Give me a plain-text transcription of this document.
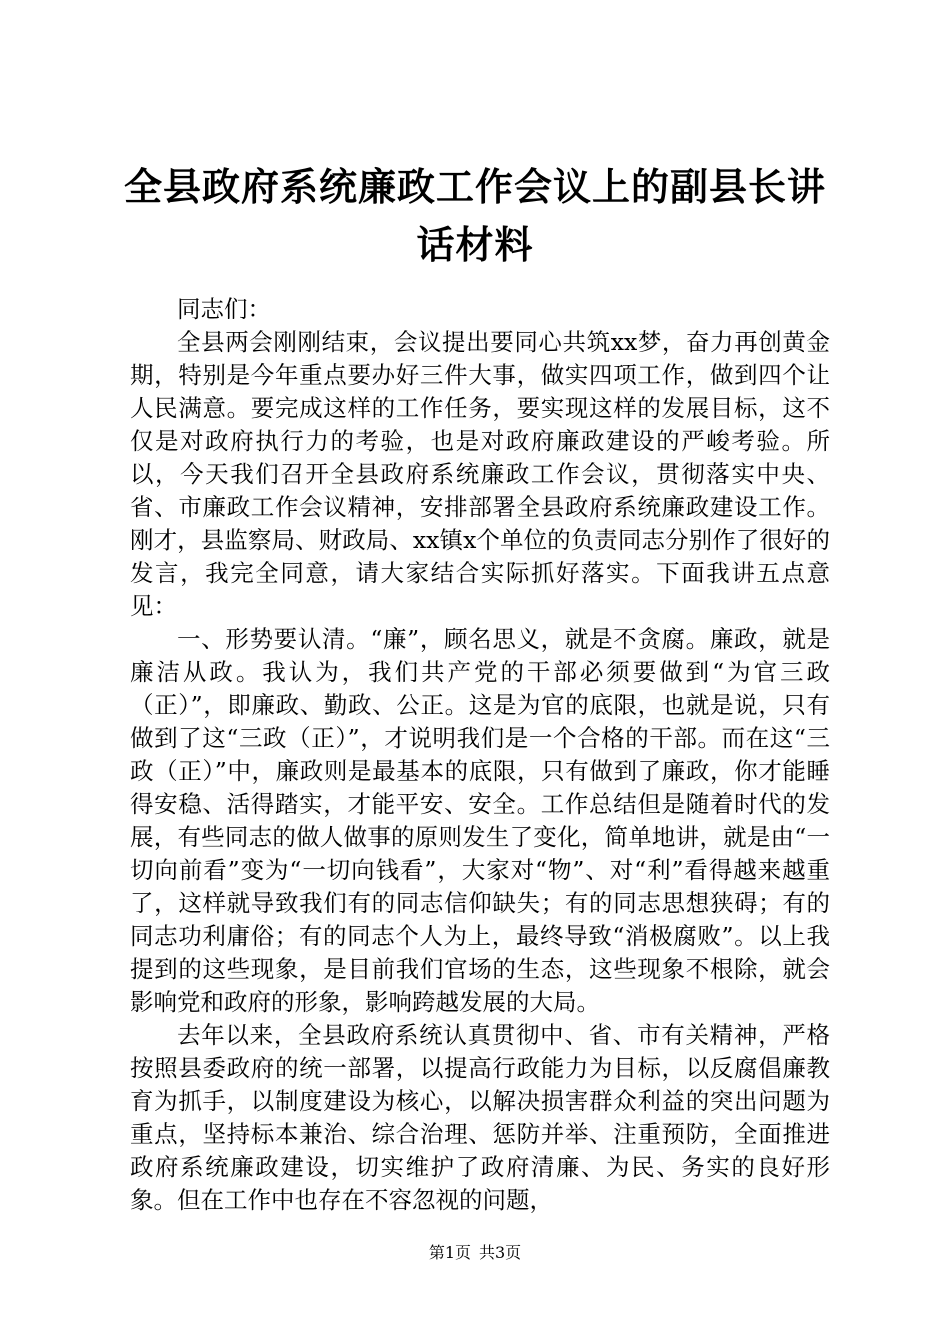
全县政府系统廉政工作会议上的副县长讲话材料

同志们：

全县两会刚刚结束，会议提出要同心共筑xx梦，奋力再创黄金期，特别是今年重点要办好三件大事，做实四项工作，做到四个让人民满意。要完成这样的工作任务，要实现这样的发展目标，这不仅是对政府执行力的考验，也是对政府廉政建设的严峻考验。所以，今天我们召开全县政府系统廉政工作会议，贯彻落实中央、省、市廉政工作会议精神，安排部署全县政府系统廉政建设工作。刚才，县监察局、财政局、xx镇x个单位的负责同志分别作了很好的发言，我完全同意，请大家结合实际抓好落实。下面我讲五点意见：

一、形势要认清。“廉”，顾名思义，就是不贪腐。廉政，就是廉洁从政。我认为，我们共产党的干部必须要做到“为官三政（正）”，即廉政、勤政、公正。这是为官的底限，也就是说，只有做到了这“三政（正）”，才说明我们是一个合格的干部。而在这“三政（正）”中，廉政则是最基本的底限，只有做到了廉政，你才能睡得安稳、活得踏实，才能平安、安全。工作总结但是随着时代的发展，有些同志的做人做事的原则发生了变化，简单地讲，就是由“一切向前看”变为“一切向钱看”，大家对“物”、对“利”看得越来越重了，这样就导致我们有的同志信仰缺失；有的同志思想狭碍；有的同志功利庸俗；有的同志个人为上，最终导致“消极腐败”。以上我提到的这些现象，是目前我们官场的生态，这些现象不根除，就会影响党和政府的形象，影响跨越发展的大局。

去年以来，全县政府系统认真贯彻中、省、市有关精神，严格按照县委政府的统一部署，以提高行政能力为目标，以反腐倡廉教育为抓手，以制度建设为核心，以解决损害群众利益的突出问题为重点，坚持标本兼治、综合治理、惩防并举、注重预防，全面推进政府系统廉政建设，切实维护了政府清廉、为民、务实的良好形象。但在工作中也存在不容忽视的问题，

第1页 共3页
